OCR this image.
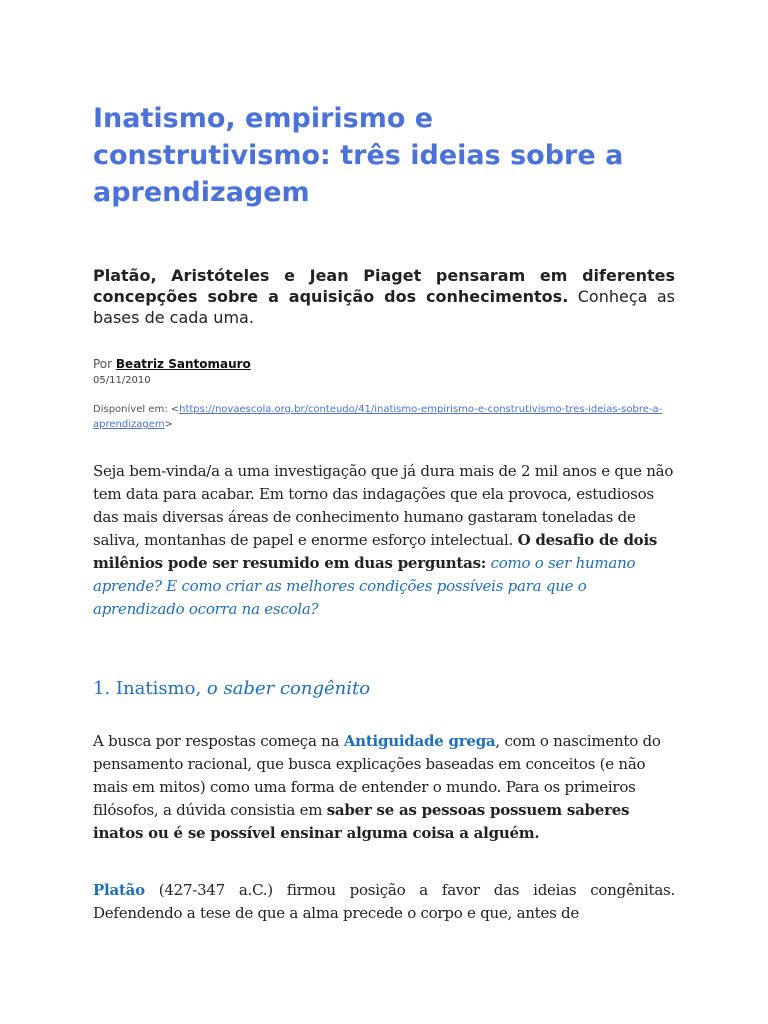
Inatismo, empirismo e construtivismo: três ideias sobre a aprendizagem

Platão, Aristóteles e Jean Piaget pensaram em diferentes concepções sobre a aquisição dos conhecimentos. Conheça as bases de cada uma.

Por Beatriz Santomauro

05/11/2010

Disponível em: <https://novaescola.org.br/conteudo/41/inatismo-empirismo-e-construtivismo-tres-ideias-sobre-a-aprendizagem>

Seja bem-vinda/a a uma investigação que já dura mais de 2 mil anos e que não tem data para acabar. Em torno das indagações que ela provoca, estudiosos das mais diversas áreas de conhecimento humano gastaram toneladas de saliva, montanhas de papel e enorme esforço intelectual. O desafio de dois milênios pode ser resumido em duas perguntas: como o ser humano aprende? E como criar as melhores condições possíveis para que o aprendizado ocorra na escola?

1. Inatismo, o saber congênito

A busca por respostas começa na Antiguidade grega, com o nascimento do pensamento racional, que busca explicações baseadas em conceitos (e não mais em mitos) como uma forma de entender o mundo. Para os primeiros filósofos, a dúvida consistia em saber se as pessoas possuem saberes inatos ou é se possível ensinar alguma coisa a alguém.

Platão (427-347 a.C.) firmou posição a favor das ideias congênitas. Defendendo a tese de que a alma precede o corpo e que, antes de
